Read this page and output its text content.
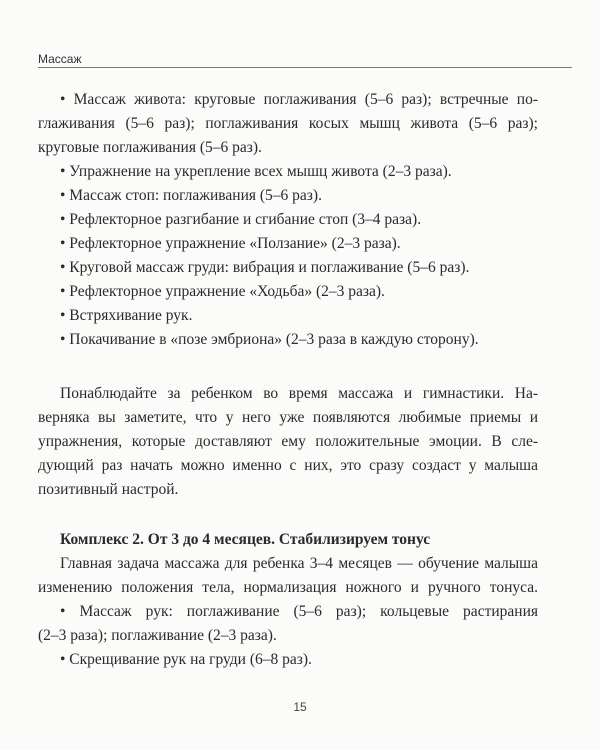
Массаж
• Массаж живота: круговые поглаживания (5–6 раз); встречные по-
глаживания (5–6 раз); поглаживания косых мышц живота (5–6 раз);
круговые поглаживания (5–6 раз).
• Упражнение на укрепление всех мышц живота (2–3 раза).
• Массаж стоп: поглаживания (5–6 раз).
• Рефлекторное разгибание и сгибание стоп (3–4 раза).
• Рефлекторное упражнение «Ползание» (2–3 раза).
• Круговой массаж груди: вибрация и поглаживание (5–6 раз).
• Рефлекторное упражнение «Ходьба» (2–3 раза).
• Встряхивание рук.
• Покачивание в «позе эмбриона» (2–3 раза в каждую сторону).
Понаблюдайте за ребенком во время массажа и гимнастики. На-
верняка вы заметите, что у него уже появляются любимые приемы и
упражнения, которые доставляют ему положительные эмоции. В сле-
дующий раз начать можно именно с них, это сразу создаст у малыша
позитивный настрой.
Комплекс 2. От 3 до 4 месяцев. Стабилизируем тонус
Главная задача массажа для ребенка 3–4 месяцев — обучение малыша
изменению положения тела, нормализация ножного и ручного тонуса.
• Массаж рук: поглаживание (5–6 раз); кольцевые растирания
(2–3 раза); поглаживание (2–3 раза).
• Скрещивание рук на груди (6–8 раз).
15
